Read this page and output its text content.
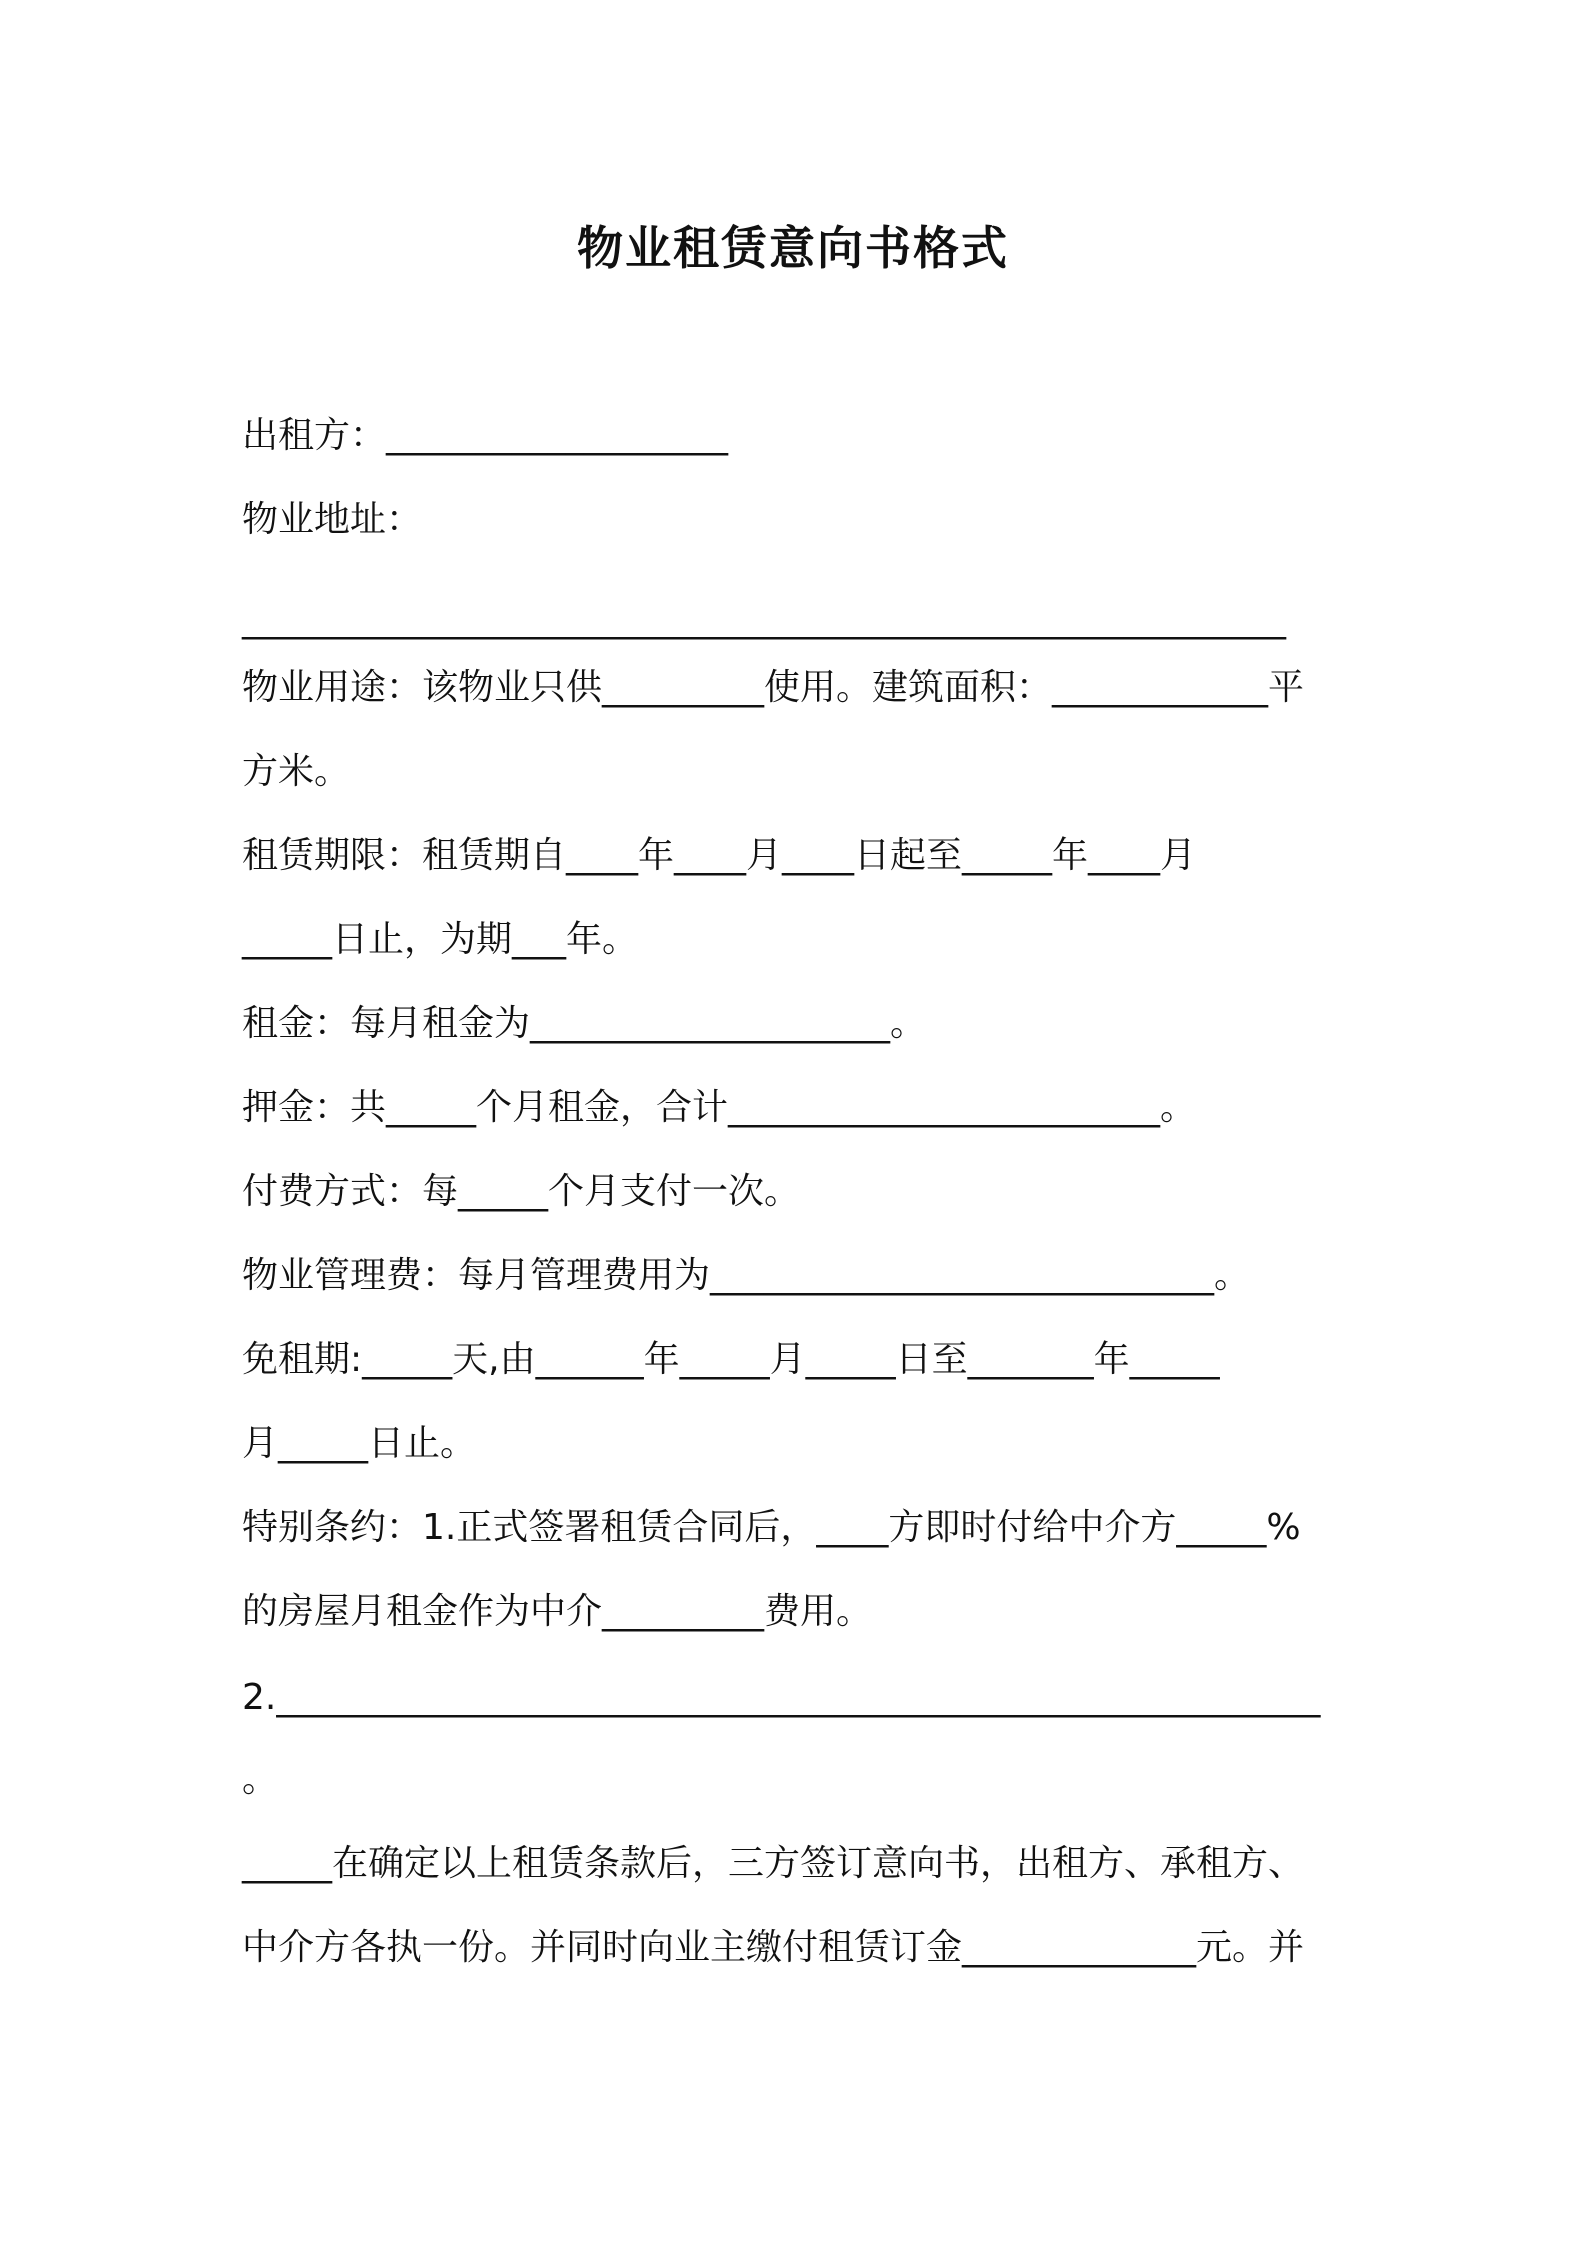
物业租赁意向书格式
出租方：___________________
物业地址：
__________________________________________________________
物业用途：该物业只供_________使用。建筑面积：____________平
方米。
租赁期限：租赁期自____年____月____日起至_____年____月
_____日止，为期___年。
租金：每月租金为____________________。
押金：共_____个月租金，合计________________________。
付费方式：每_____个月支付一次。
物业管理费：每月管理费用为____________________________。
免租期:_____天,由______年_____月_____日至_______年_____
月_____日止。
特别条约：1.正式签署租赁合同后，____方即时付给中介方_____%
的房屋月租金作为中介_________费用。
2.__________________________________________________________
。
_____在确定以上租赁条款后，三方签订意向书，出租方、承租方、
中介方各执一份。并同时向业主缴付租赁订金_____________元。并
